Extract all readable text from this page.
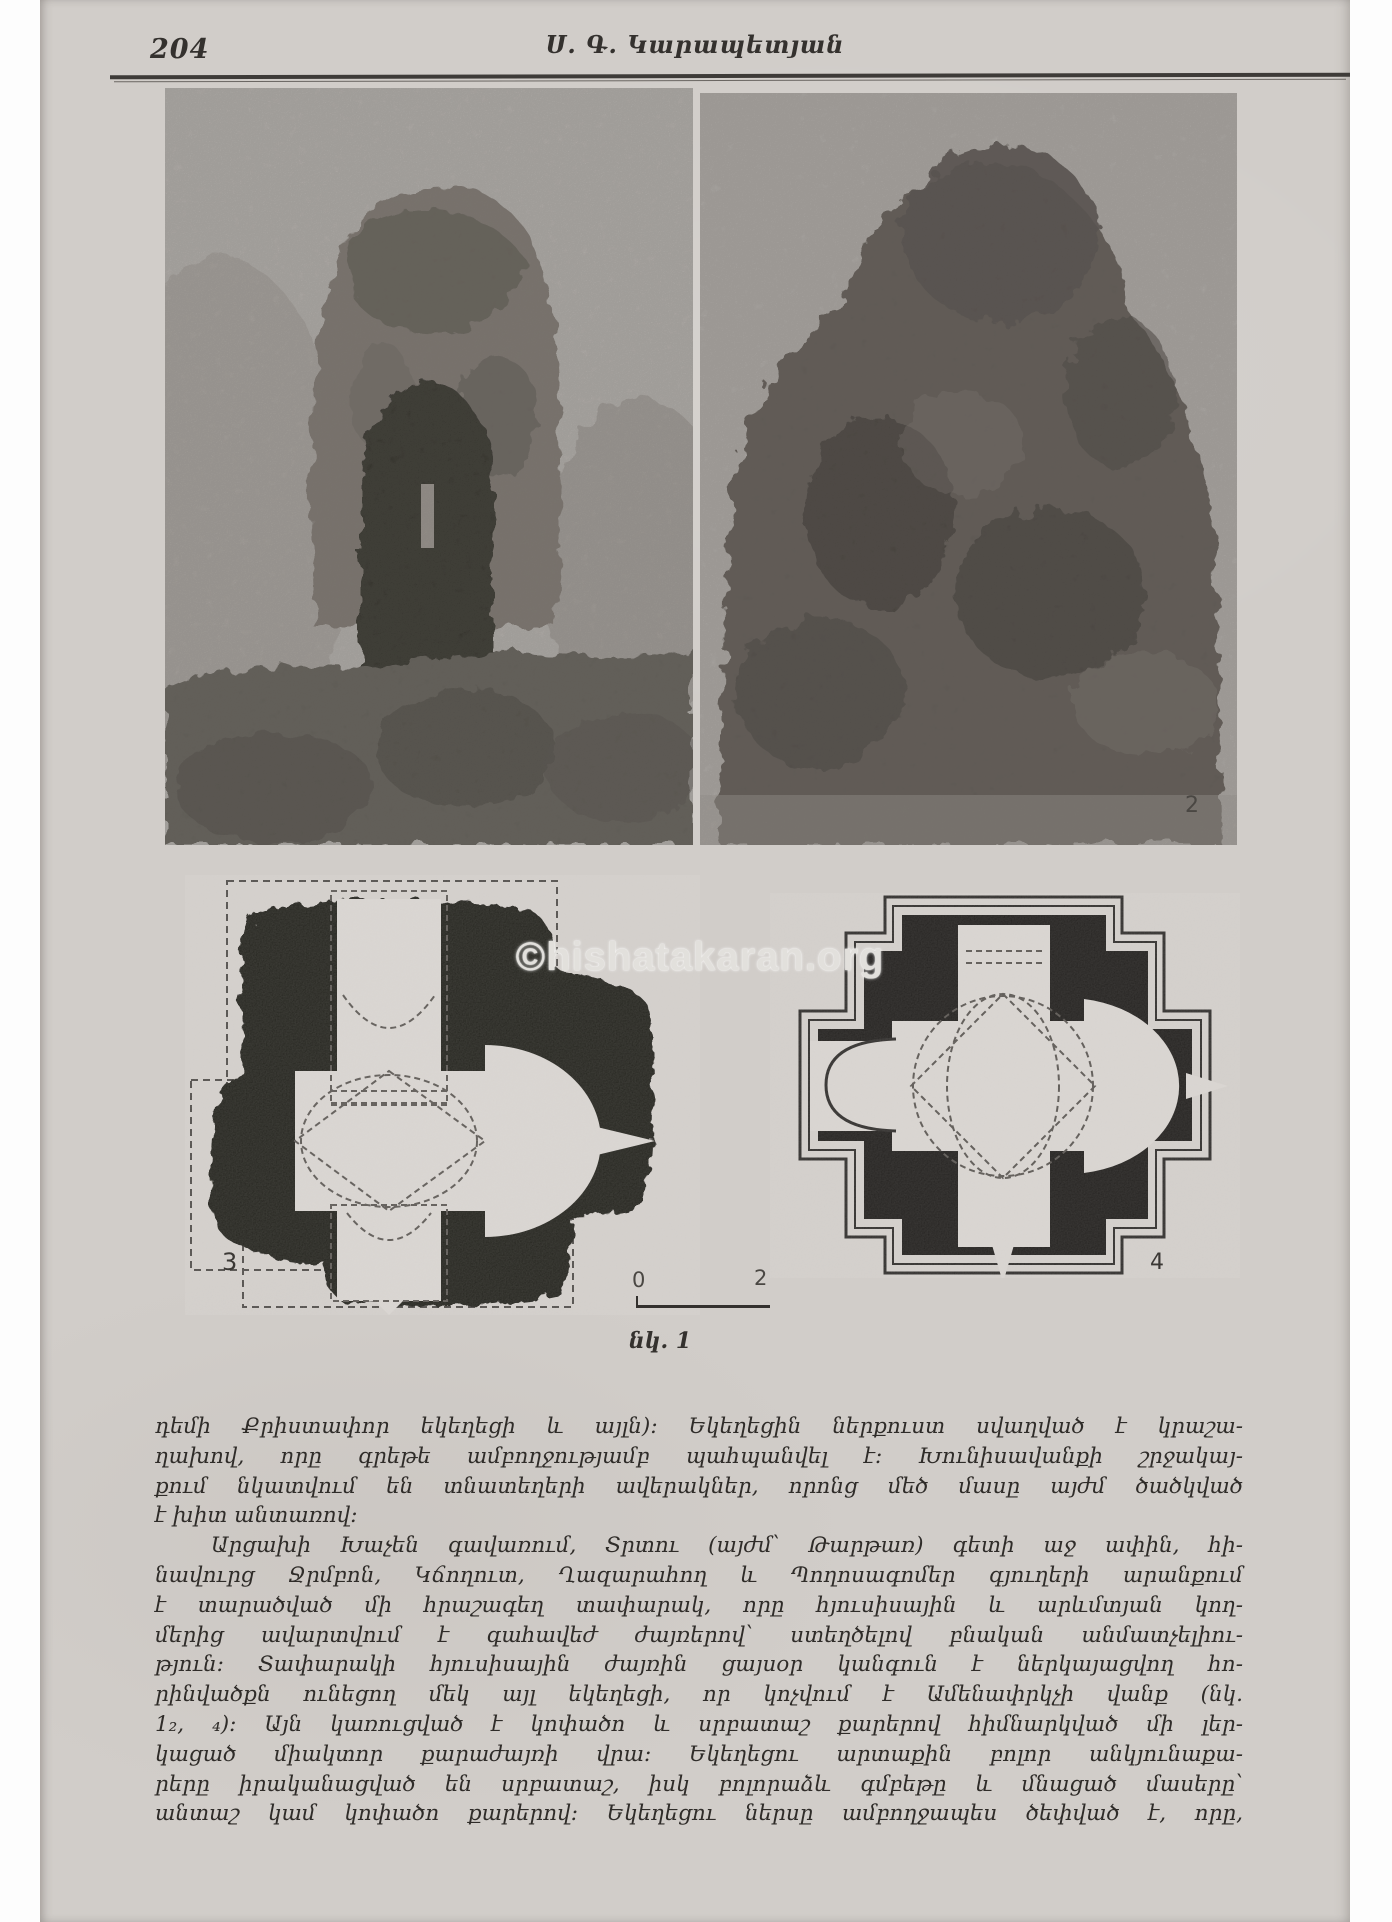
204	Ս. Գ. Կարապետյան
2
3	4
©hishatakaran.org
0	2
նկ. 1
դեմի Քրիստափոր եկեղեցի և այլն)։ Եկեղեցին ներքուստ սվաղված է կրաշա-
ղախով, որը գրեթե ամբողջությամբ պահպանվել է։ Խունիսավանքի շրջակայ-
քում նկատվում են տնատեղերի ավերակներ, որոնց մեծ մասը այժմ ծածկված
է խիտ անտառով։
Արցախի Խաչեն գավառում, Տրտու (այժմ՝ Թարթառ) գետի աջ ափին, հի-
նավուրց Ջրմբոն, Կճողուտ, Ղազարահող և Պողոսագոմեր գյուղերի արանքում
է տարածված մի հրաշագեղ տափարակ, որը հյուսիսային և արևմտյան կող-
մերից ավարտվում է գահավեժ ժայռերով՝ ստեղծելով բնական անմատչելիու-
թյուն։ Տափարակի հյուսիսային ժայռին ցայսօր կանգուն է ներկայացվող հո-
րինվածքն ունեցող մեկ այլ եկեղեցի, որ կոչվում է Ամենափրկչի վանք (նկ.
1₂, ₄)։ Այն կառուցված է կոփածո և սրբատաշ քարերով հիմնարկված մի լեր-
կացած միակտոր քարաժայռի վրա։ Եկեղեցու արտաքին բոլոր անկյունաքա-
րերը իրականացված են սրբատաշ, իսկ բոլորաձև գմբեթը և մնացած մասերը՝
անտաշ կամ կոփածո քարերով։ Եկեղեցու ներսը ամբողջապես ծեփված է, որը,
